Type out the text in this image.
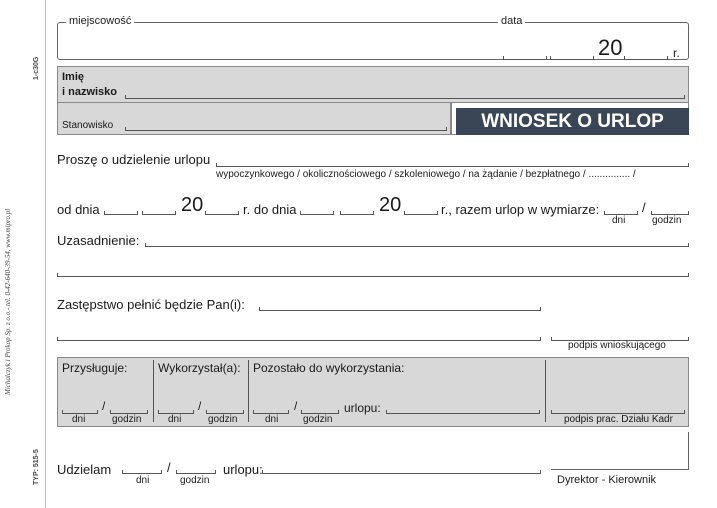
1-c30G
Michalczyk i Prokop Sp. z o.o.- tel. 0-42-640-39-54, www.mipro.pl
TYP: 515-5
miejscowość	data
20	r.
Imię
i nazwisko
Stanowisko	WNIOSEK O URLOP
Proszę o udzielenie urlopu
wypoczynkowego / okolicznościowego / szkoleniowego / na żądanie / bezpłatnego / ............... /
od dnia	20	r. do dnia	20	r., razem urlop w wymiarze:	/
dni	godzin
Uzasadnienie:
Zastępstwo pełnić będzie Pan(i):
podpis wnioskującego
Przysługuje:	Wykorzystał(a): Pozostało do wykorzystania:
/
dni	godzin
/
dni	godzin
/
dni godzin
urlopu:
podpis prac. Działu Kadr
Udzielam	/
dni	godzin
urlopu:
Dyrektor - Kierownik
